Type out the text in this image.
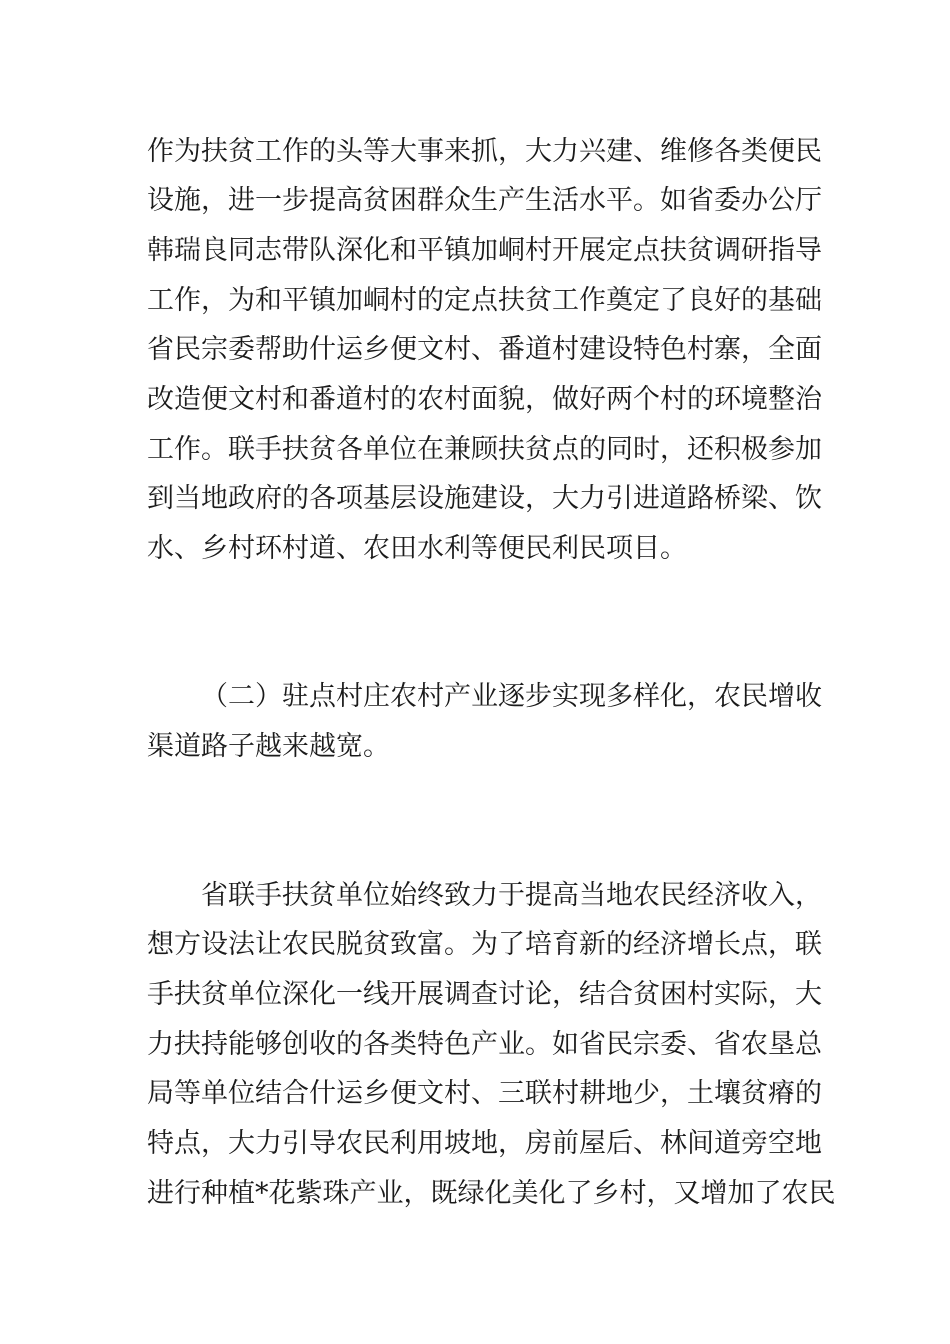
作为扶贫工作的头等大事来抓，大力兴建、维修各类便民
设施，进一步提高贫困群众生产生活水平。如省委办公厅
韩瑞良同志带队深化和平镇加峒村开展定点扶贫调研指导
工作，为和平镇加峒村的定点扶贫工作奠定了良好的基础
省民宗委帮助什运乡便文村、番道村建设特色村寨，全面
改造便文村和番道村的农村面貌，做好两个村的环境整治
工作。联手扶贫各单位在兼顾扶贫点的同时，还积极参加
到当地政府的各项基层设施建设，大力引进道路桥梁、饮
水、乡村环村道、农田水利等便民利民项目。
（二）驻点村庄农村产业逐步实现多样化，农民增收
渠道路子越来越宽。
省联手扶贫单位始终致力于提高当地农民经济收入，
想方设法让农民脱贫致富。为了培育新的经济增长点，联
手扶贫单位深化一线开展调查讨论，结合贫困村实际，大
力扶持能够创收的各类特色产业。如省民宗委、省农垦总
局等单位结合什运乡便文村、三联村耕地少，土壤贫瘠的
特点，大力引导农民利用坡地，房前屋后、林间道旁空地
进行种植*花紫珠产业，既绿化美化了乡村，又增加了农民
